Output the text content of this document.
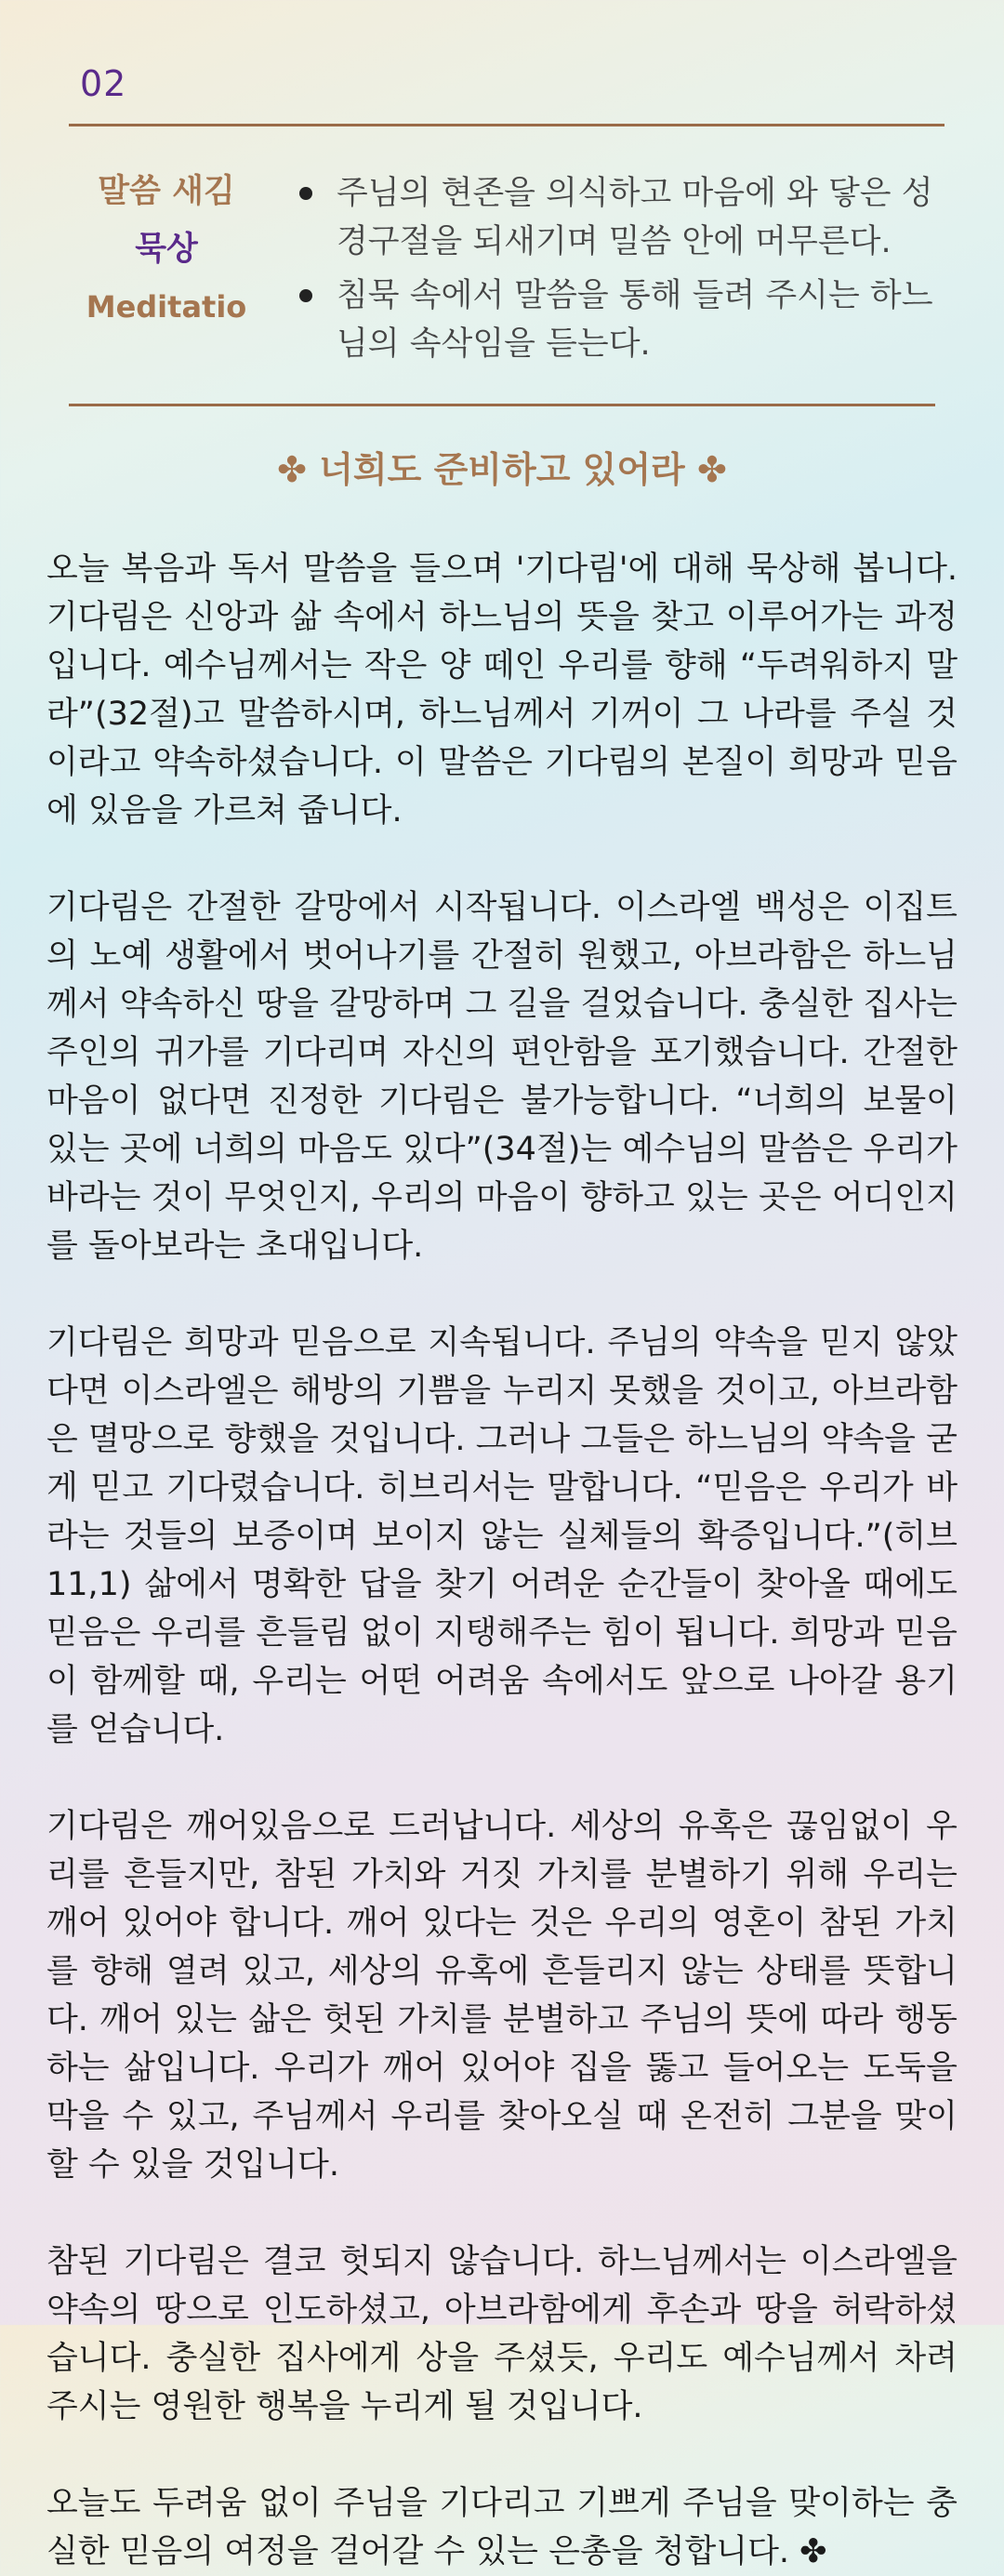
02
말씀 새김
묵상
Meditatio
주님의 현존을 의식하고 마음에 와 닿은 성경구절을 되새기며 밀씀 안에 머무른다.
침묵 속에서 말씀을 통해 들려 주시는 하느님의 속삭임을 듣는다.
✤ 너희도 준비하고 있어라 ✤

오늘 복음과 독서 말씀을 들으며 '기다림'에 대해 묵상해 봅니다. 기다림은 신앙과 삶 속에서 하느님의 뜻을 찾고 이루어가는 과정입니다. 예수님께서는 작은 양 떼인 우리를 향해 “두려워하지 말라”(32절)고 말씀하시며, 하느님께서 기꺼이 그 나라를 주실 것이라고 약속하셨습니다. 이 말씀은 기다림의 본질이 희망과 믿음에 있음을 가르쳐 줍니다.

기다림은 간절한 갈망에서 시작됩니다. 이스라엘 백성은 이집트의 노예 생활에서 벗어나기를 간절히 원했고, 아브라함은 하느님께서 약속하신 땅을 갈망하며 그 길을 걸었습니다. 충실한 집사는 주인의 귀가를 기다리며 자신의 편안함을 포기했습니다. 간절한 마음이 없다면 진정한 기다림은 불가능합니다. “너희의 보물이 있는 곳에 너희의 마음도 있다”(34절)는 예수님의 말씀은 우리가 바라는 것이 무엇인지, 우리의 마음이 향하고 있는 곳은 어디인지를 돌아보라는 초대입니다.

기다림은 희망과 믿음으로 지속됩니다. 주님의 약속을 믿지 않았다면 이스라엘은 해방의 기쁨을 누리지 못했을 것이고, 아브라함은 멸망으로 향했을 것입니다. 그러나 그들은 하느님의 약속을 굳게 믿고 기다렸습니다. 히브리서는 말합니다. “믿음은 우리가 바라는 것들의 보증이며 보이지 않는 실체들의 확증입니다.”(히브 11,1) 삶에서 명확한 답을 찾기 어려운 순간들이 찾아올 때에도 믿음은 우리를 흔들림 없이 지탱해주는 힘이 됩니다. 희망과 믿음이 함께할 때, 우리는 어떤 어려움 속에서도 앞으로 나아갈 용기를 얻습니다.

기다림은 깨어있음으로 드러납니다. 세상의 유혹은 끊임없이 우리를 흔들지만, 참된 가치와 거짓 가치를 분별하기 위해 우리는 깨어 있어야 합니다. 깨어 있다는 것은 우리의 영혼이 참된 가치를 향해 열려 있고, 세상의 유혹에 흔들리지 않는 상태를 뜻합니다. 깨어 있는 삶은 헛된 가치를 분별하고 주님의 뜻에 따라 행동하는 삶입니다. 우리가 깨어 있어야 집을 뚫고 들어오는 도둑을 막을 수 있고, 주님께서 우리를 찾아오실 때 온전히 그분을 맞이할 수 있을 것입니다.

참된 기다림은 결코 헛되지 않습니다. 하느님께서는 이스라엘을 약속의 땅으로 인도하셨고, 아브라함에게 후손과 땅을 허락하셨습니다. 충실한 집사에게 상을 주셨듯, 우리도 예수님께서 차려 주시는 영원한 행복을 누리게 될 것입니다.

오늘도 두려움 없이 주님을 기다리고 기쁘게 주님을 맞이하는 충실한 믿음의 여정을 걸어갈 수 있는 은총을 청합니다. ✤
